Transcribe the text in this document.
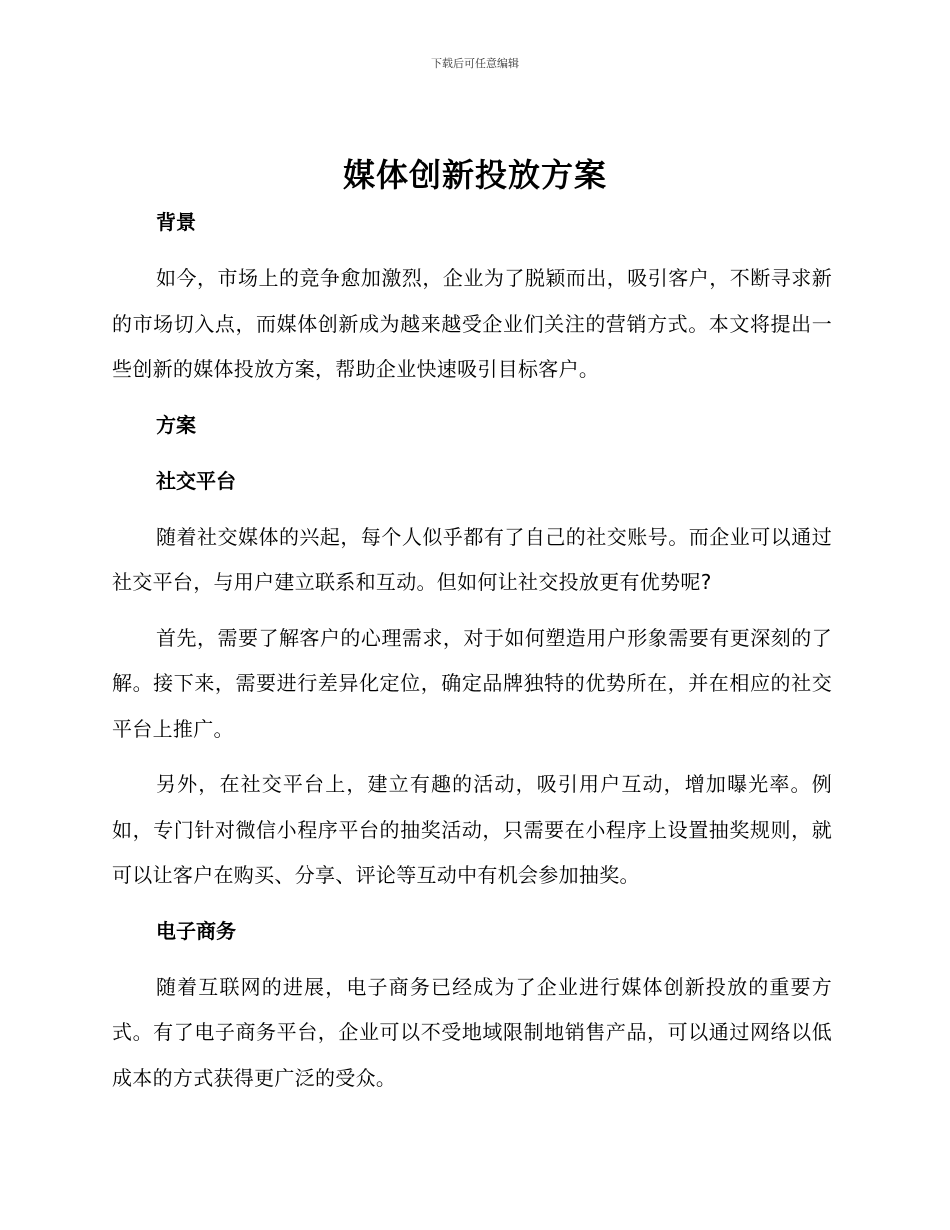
下载后可任意编辑
媒体创新投放方案
背景

如今，市场上的竞争愈加激烈，企业为了脱颖而出，吸引客户，不断寻求新的市场切入点，而媒体创新成为越来越受企业们关注的营销方式。本文将提出一些创新的媒体投放方案，帮助企业快速吸引目标客户。

方案
社交平台

随着社交媒体的兴起，每个人似乎都有了自己的社交账号。而企业可以通过社交平台，与用户建立联系和互动。但如何让社交投放更有优势呢?

首先，需要了解客户的心理需求，对于如何塑造用户形象需要有更深刻的了解。接下来，需要进行差异化定位，确定品牌独特的优势所在，并在相应的社交平台上推广。

另外，在社交平台上，建立有趣的活动，吸引用户互动，增加曝光率。例如，专门针对微信小程序平台的抽奖活动，只需要在小程序上设置抽奖规则，就可以让客户在购买、分享、评论等互动中有机会参加抽奖。

电子商务

随着互联网的进展，电子商务已经成为了企业进行媒体创新投放的重要方式。有了电子商务平台，企业可以不受地域限制地销售产品，可以通过网络以低成本的方式获得更广泛的受众。
